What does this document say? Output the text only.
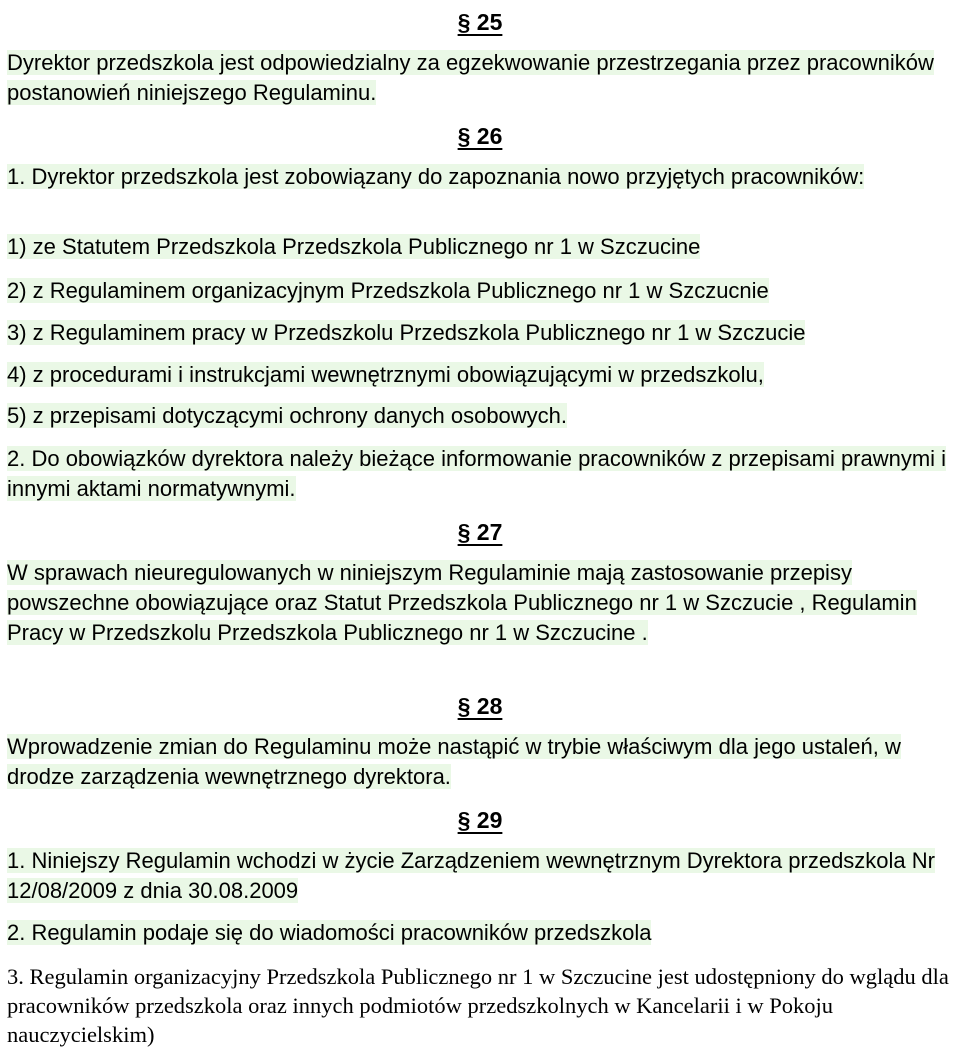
§ 25
Dyrektor przedszkola jest odpowiedzialny za egzekwowanie przestrzegania przez pracowników postanowień niniejszego Regulaminu.
§ 26
1. Dyrektor przedszkola jest zobowiązany do zapoznania nowo przyjętych pracowników:
1) ze Statutem Przedszkola Przedszkola Publicznego nr 1 w Szczucine
2) z Regulaminem organizacyjnym Przedszkola Publicznego nr 1 w Szczucnie
3) z Regulaminem pracy w Przedszkolu Przedszkola Publicznego nr 1 w Szczucie
4) z procedurami i instrukcjami wewnętrznymi obowiązującymi w przedszkolu,
5) z przepisami dotyczącymi ochrony danych osobowych.
2. Do obowiązków dyrektora należy bieżące informowanie pracowników z przepisami prawnymi i innymi aktami normatywnymi.
§ 27
W sprawach nieuregulowanych w niniejszym Regulaminie mają zastosowanie przepisy powszechne obowiązujące oraz Statut Przedszkola Publicznego nr 1 w Szczucie , Regulamin Pracy w Przedszkolu Przedszkola Publicznego nr 1 w Szczucine .
§ 28
Wprowadzenie zmian do Regulaminu może nastąpić w trybie właściwym dla jego ustaleń, w drodze zarządzenia wewnętrznego dyrektora.
§ 29
1. Niniejszy Regulamin wchodzi w życie Zarządzeniem wewnętrznym Dyrektora przedszkola Nr 12/08/2009 z dnia 30.08.2009
2. Regulamin podaje się do wiadomości pracowników przedszkola
3. Regulamin organizacyjny Przedszkola Publicznego nr 1 w Szczucine jest udostępniony do wglądu dla pracowników przedszkola oraz innych podmiotów przedszkolnych w Kancelarii i w Pokoju nauczycielskim)
